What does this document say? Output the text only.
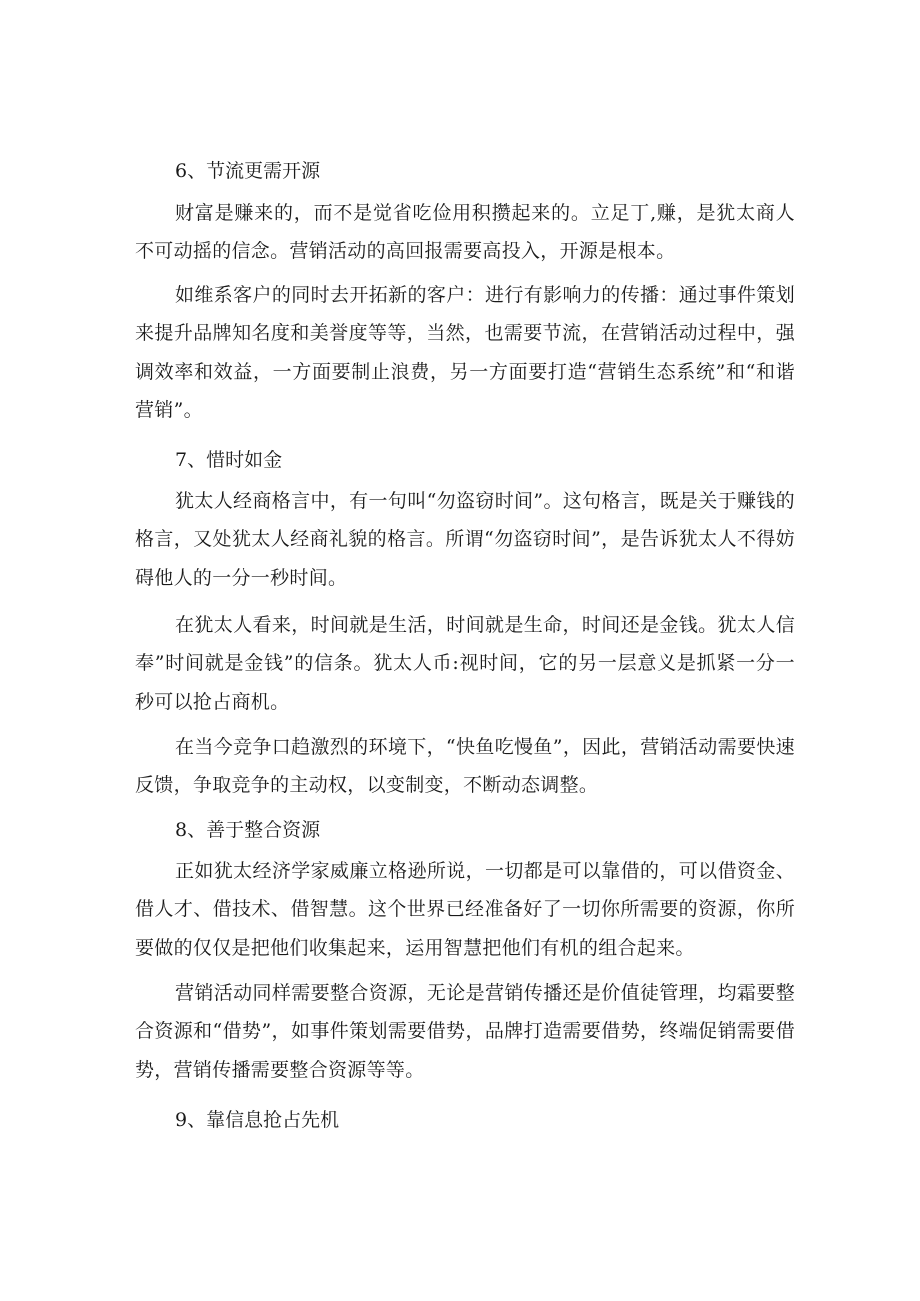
6、节流更需开源
财富是赚来的，而不是觉省吃俭用积攒起来的。立足丁,赚，是犹太商人不可动摇的信念。营销活动的高回报需要高投入，开源是根本。
如维系客户的同时去开拓新的客户：进行有影响力的传播：通过事件策划来提升品牌知名度和美誉度等等，当然，也需要节流，在营销活动过程中，强调效率和效益，一方面要制止浪费，另一方面要打造“营销生态系统”和“和谐营销”。
7、惜时如金
犹太人经商格言中，有一句叫“勿盗窃时间”。这句格言，既是关于赚钱的格言，又处犹太人经商礼貌的格言。所谓“勿盗窃时间”，是告诉犹太人不得妨碍他人的一分一秒时间。
在犹太人看来，时间就是生活，时间就是生命，时间还是金钱。犹太人信奉”时间就是金钱”的信条。犹太人币:视时间，它的另一层意义是抓紧一分一秒可以抢占商机。
在当今竞争口趋激烈的环境下，“快鱼吃慢鱼”，因此，营销活动需要快速反馈，争取竞争的主动权，以变制变，不断动态调整。
8、善于整合资源
正如犹太经济学家威廉立格逊所说，一切都是可以靠借的，可以借资金、借人才、借技术、借智慧。这个世界已经准备好了一切你所需要的资源，你所要做的仅仅是把他们收集起来，运用智慧把他们有机的组合起来。
营销活动同样需要整合资源，无论是营销传播还是价值徒管理，均霜要整合资源和“借势”，如事件策划需要借势，品牌打造需要借势，终端促销需要借势，营销传播需要整合资源等等。
9、靠信息抢占先机
